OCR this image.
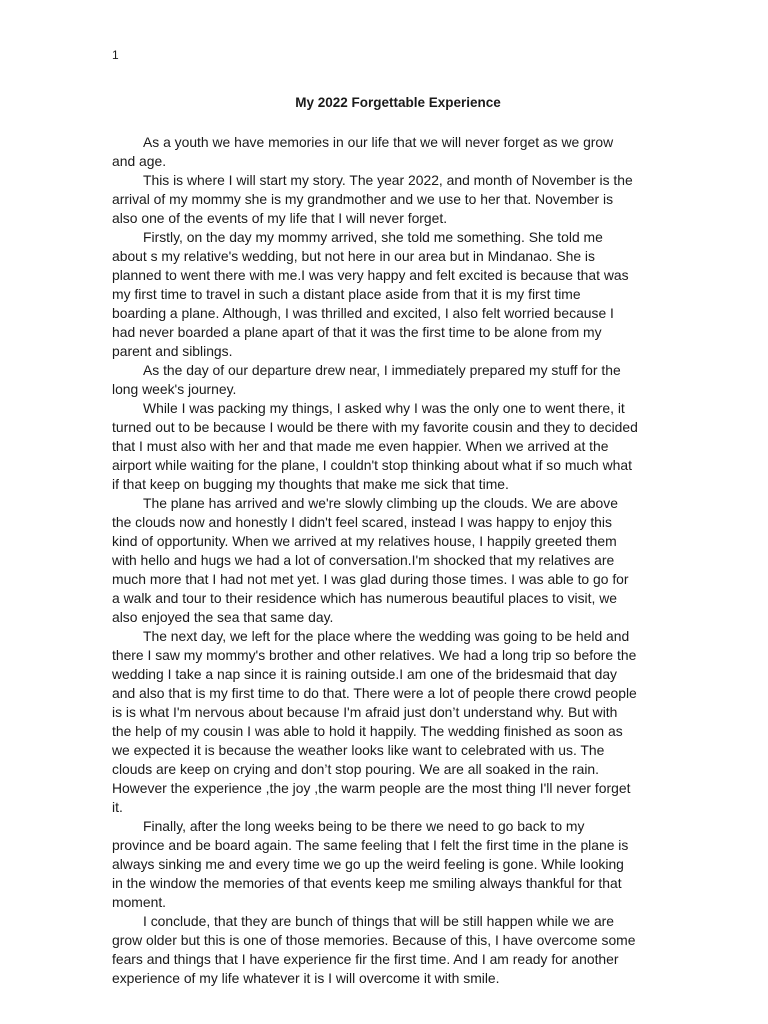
1
My 2022 Forgettable Experience

As a youth we have memories in our life that we will never forget as we grow and age.

This is where I will start my story. The year 2022, and month of November is the arrival of my mommy she is my grandmother and we use to her that. November is also one of the events of my life that I will never forget.

Firstly, on the day my mommy arrived, she told me something. She told me about s my relative's wedding, but not here in our area but in Mindanao. She is planned to went there with me.I was very happy and felt excited is because that was my first time to travel in such a distant place aside from that it is my first time boarding a plane. Although, I was thrilled and excited, I also felt worried because I had never boarded a plane apart of that it was the first time to be alone from my parent and siblings.

As the day of our departure drew near, I immediately prepared my stuff for the long week's journey.

While I was packing my things, I asked why I was the only one to went there, it turned out to be because I would be there with my favorite cousin and they to decided that I must also with her and that made me even happier. When we arrived at the airport while waiting for the plane, I couldn't stop thinking about what if so much what if that keep on bugging my thoughts that make me sick that time.

The plane has arrived and we're slowly climbing up the clouds. We are above the clouds now and honestly I didn't feel scared, instead I was happy to enjoy this kind of opportunity. When we arrived at my relatives house, I happily greeted them with hello and hugs we had a lot of conversation.I'm shocked that my relatives are much more that I had not met yet. I was glad during those times. I was able to go for a walk and tour to their residence which has numerous beautiful places to visit, we also enjoyed the sea that same day.

The next day, we left for the place where the wedding was going to be held and there I saw my mommy's brother and other relatives. We had a long trip so before the wedding I take a nap since it is raining outside.I am one of the bridesmaid that day and also that is my first time to do that. There were a lot of people there crowd people is is what I'm nervous about because I'm afraid just don’t understand why. But with the help of my cousin I was able to hold it happily. The wedding finished as soon as we expected it is because the weather looks like want to celebrated with us. The clouds are keep on crying and don’t stop pouring. We are all soaked in the rain. However the experience ,the joy ,the warm people are the most thing I'll never forget it.

Finally, after the long weeks being to be there we need to go back to my province and be board again. The same feeling that I felt the first time in the plane is always sinking me and every time we go up the weird feeling is gone. While looking in the window the memories of that events keep me smiling always thankful for that moment.

I conclude, that they are bunch of things that will be still happen while we are grow older but this is one of those memories. Because of this, I have overcome some fears and things that I have experience fir the first time. And I am ready for another experience of my life whatever it is I will overcome it with smile.
